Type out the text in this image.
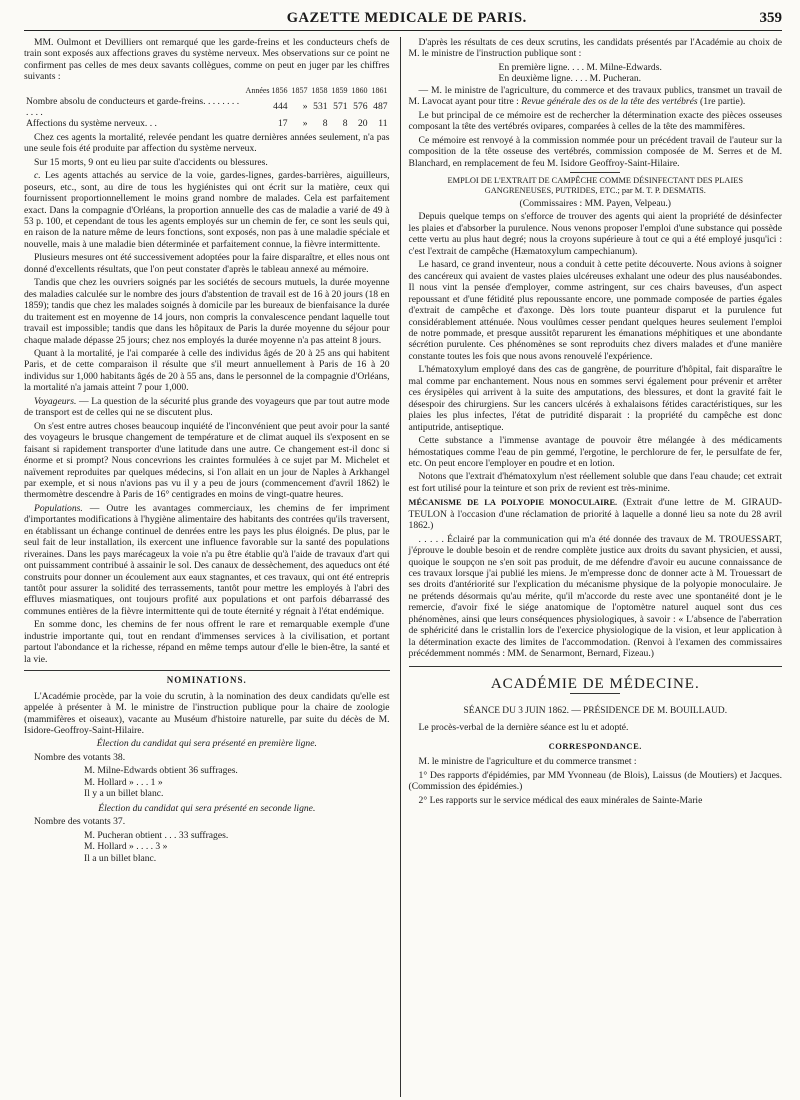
GAZETTE MEDICALE DE PARIS.	359

MM. Oulmont et Devilliers ont remarqué que les garde-freins et les conducteurs chefs de train sont exposés aux affections graves du système nerveux. Mes observations sur ce point ne confirment pas celles de mes deux savants collègues, comme on peut en juger par les chiffres suivants :

	Années 1856	1857	1858	1859	1860	1861
Nombre absolu de conducteurs et garde-freins. . . . . . . . . . . .	444	»	531	571	576	487
Affections du système nerveux. . .	17	»	8	8	20	11

Chez ces agents la mortalité, relevée pendant les quatre dernières années seulement, n'a pas une seule fois été produite par affection du système nerveux.

Sur 15 morts, 9 ont eu lieu par suite d'accidents ou blessures.

c. Les agents attachés au service de la voie, gardes-lignes, gardes-barrières, aiguilleurs, poseurs, etc., sont, au dire de tous les hygiénistes qui ont écrit sur la matière, ceux qui fournissent proportionnellement le moins grand nombre de malades. Cela est parfaitement exact. Dans la compagnie d'Orléans, la proportion annuelle des cas de maladie a varié de 49 à 53 p. 100, et cependant de tous les agents employés sur un chemin de fer, ce sont les seuls qui, en raison de la nature même de leurs fonctions, sont exposés, non pas à une maladie spéciale et nouvelle, mais à une maladie bien déterminée et parfaitement connue, la fièvre intermittente.

Plusieurs mesures ont été successivement adoptées pour la faire disparaître, et elles nous ont donné d'excellents résultats, que l'on peut constater d'après le tableau annexé au mémoire.

Tandis que chez les ouvriers soignés par les sociétés de secours mutuels, la durée moyenne des maladies calculée sur le nombre des jours d'abstention de travail est de 16 à 20 jours (18 en 1859); tandis que chez les malades soignés à domicile par les bureaux de bienfaisance la durée du traitement est en moyenne de 14 jours, non compris la convalescence pendant laquelle tout travail est impossible; tandis que dans les hôpitaux de Paris la durée moyenne du séjour pour chaque malade dépasse 25 jours; chez nos employés la durée moyenne n'a pas atteint 8 jours.

Quant à la mortalité, je l'ai comparée à celle des individus âgés de 20 à 25 ans qui habitent Paris, et de cette comparaison il résulte que s'il meurt annuellement à Paris de 16 à 20 individus sur 1,000 habitants âgés de 20 à 55 ans, dans le personnel de la compagnie d'Orléans, la mortalité n'a jamais atteint 7 pour 1,000.

Voyageurs. — La question de la sécurité plus grande des voyageurs que par tout autre mode de transport est de celles qui ne se discutent plus.

On s'est entre autres choses beaucoup inquiété de l'inconvénient que peut avoir pour la santé des voyageurs le brusque changement de température et de climat auquel ils s'exposent en se faisant si rapidement transporter d'une latitude dans une autre. Ce changement est-il donc si énorme et si prompt? Nous concevrions les craintes formulées à ce sujet par M. Michelet et naïvement reproduites par quelques médecins, si l'on allait en un jour de Naples à Arkhangel par exemple, et si nous n'avions pas vu il y a peu de jours (commencement d'avril 1862) le thermomètre descendre à Paris de 16° centigrades en moins de vingt-quatre heures.

Populations. — Outre les avantages commerciaux, les chemins de fer impriment d'importantes modifications à l'hygiène alimentaire des habitants des contrées qu'ils traversent, en établissant un échange continuel de denrées entre les pays les plus éloignés. De plus, par le seul fait de leur installation, ils exercent une influence favorable sur la santé des populations riveraines. Dans les pays marécageux la voie n'a pu être établie qu'à l'aide de travaux d'art qui ont puissamment contribué à assainir le sol. Des canaux de dessèchement, des aqueducs ont été construits pour donner un écoulement aux eaux stagnantes, et ces travaux, qui ont été entrepris tantôt pour assurer la solidité des terrassements, tantôt pour mettre les employés à l'abri des effluves miasmatiques, ont toujours profité aux populations et ont parfois débarrassé des communes entières de la fièvre intermittente qui de toute éternité y régnait à l'état endémique.

En somme donc, les chemins de fer nous offrent le rare et remarquable exemple d'une industrie importante qui, tout en rendant d'immenses services à la civilisation, et portant partout l'abondance et la richesse, répand en même temps autour d'elle le bien-être, la santé et la vie.

NOMINATIONS.

L'Académie procède, par la voie du scrutin, à la nomination des deux candidats qu'elle est appelée à présenter à M. le ministre de l'instruction publique pour la chaire de zoologie (mammifères et oiseaux), vacante au Muséum d'histoire naturelle, par suite du décès de M. Isidore-Geoffroy-Saint-Hilaire.

Élection du candidat qui sera présenté en première ligne.

Nombre des votants 38.

M. Milne-Edwards obtient 36 suffrages.
M. Hollard » . . . 1 »
Il y a un billet blanc.

Élection du candidat qui sera présenté en seconde ligne.

Nombre des votants 37.

M. Pucheran obtient . . . 33 suffrages.
M. Hollard » . . . . 3 »
Il a un billet blanc.

D'après les résultats de ces deux scrutins, les candidats présentés par l'Académie au choix de M. le ministre de l'instruction publique sont :

En première ligne. . . . M. Milne-Edwards.
En deuxième ligne. . . . M. Pucheran.

— M. le ministre de l'agriculture, du commerce et des travaux publics, transmet un travail de M. Lavocat ayant pour titre : Revue générale des os de la tête des vertébrés (1re partie).

Le but principal de ce mémoire est de rechercher la détermination exacte des pièces osseuses composant la tête des vertébrés ovipares, comparées à celles de la tête des mammifères.

Ce mémoire est renvoyé à la commission nommée pour un précédent travail de l'auteur sur la composition de la tête osseuse des vertébrés, commission composée de M. Serres et de M. Blanchard, en remplacement de feu M. Isidore Geoffroy-Saint-Hilaire.

EMPLOI DE L'EXTRAIT DE CAMPÊCHE COMME DÉSINFECTANT DES PLAIES GANGRENEUSES, PUTRIDES, ETC.; par M. T. P. DESMATIS.

(Commissaires : MM. Payen, Velpeau.)

Depuis quelque temps on s'efforce de trouver des agents qui aient la propriété de désinfecter les plaies et d'absorber la purulence. Nous venons proposer l'emploi d'une substance qui possède cette vertu au plus haut degré; nous la croyons supérieure à tout ce qui a été employé jusqu'ici : c'est l'extrait de campêche (Hæmatoxylum campechianum).

Le hasard, ce grand inventeur, nous a conduit à cette petite découverte. Nous avions à soigner des cancéreux qui avaient de vastes plaies ulcéreuses exhalant une odeur des plus nauséabondes. Il nous vint la pensée d'employer, comme astringent, sur ces chairs baveuses, d'un aspect repoussant et d'une fétidité plus repoussante encore, une pommade composée de parties égales d'extrait de campêche et d'axonge. Dès lors toute puanteur disparut et la purulence fut considérablement atténuée. Nous voulûmes cesser pendant quelques heures seulement l'emploi de notre pommade, et presque aussitôt reparurent les émanations méphitiques et une abondante sécrétion purulente. Ces phénomènes se sont reproduits chez divers malades et d'une manière constante toutes les fois que nous avons renouvelé l'expérience.

L'hématoxylum employé dans des cas de gangrène, de pourriture d'hôpital, fait disparaître le mal comme par enchantement. Nous nous en sommes servi également pour prévenir et arrêter ces érysipèles qui arrivent à la suite des amputations, des blessures, et dont la gravité fait le désespoir des chirurgiens. Sur les cancers ulcérés à exhalaisons fétides caractéristiques, sur les plaies les plus infectes, l'état de putridité disparait : la propriété du campêche est donc antiputride, antiseptique.

Cette substance a l'immense avantage de pouvoir être mélangée à des médicaments hémostatiques comme l'eau de pin gemmé, l'ergotine, le perchlorure de fer, le persulfate de fer, etc. On peut encore l'employer en poudre et en lotion.

Notons que l'extrait d'hématoxylum n'est réellement soluble que dans l'eau chaude; cet extrait est fort utilisé pour la teinture et son prix de revient est très-minime.

MÉCANISME DE LA POLYOPIE MONOCULAIRE. (Extrait d'une lettre de M. GIRAUD-TEULON à l'occasion d'une réclamation de priorité à laquelle a donné lieu sa note du 28 avril 1862.)

. . . . . Éclairé par la communication qui m'a été donnée des travaux de M. TROUESSART, j'éprouve le double besoin et de rendre complète justice aux droits du savant physicien, et aussi, quoique le soupçon ne s'en soit pas produit, de me défendre d'avoir eu aucune connaissance de ces travaux lorsque j'ai publié les miens. Je m'empresse donc de donner acte à M. Trouessart de ses droits d'antériorité sur l'explication du mécanisme physique de la polyopie monoculaire. Je ne prétends désormais qu'au mérite, qu'il m'accorde du reste avec une spontanéité dont je le remercie, d'avoir fixé le siége anatomique de l'optomètre naturel auquel sont dus ces phénomènes, ainsi que leurs conséquences physiologiques, à savoir : « L'absence de l'aberration de sphéricité dans le cristallin lors de l'exercice physiologique de la vision, et leur application à la détermination exacte des limites de l'accommodation. (Renvoi à l'examen des commissaires précédemment nommés : MM. de Senarmont, Bernard, Fizeau.)

ACADÉMIE DE MÉDECINE.
SÉANCE DU 3 JUIN 1862. — PRÉSIDENCE DE M. BOUILLAUD.

Le procès-verbal de la dernière séance est lu et adopté.

CORRESPONDANCE.

M. le ministre de l'agriculture et du commerce transmet :

1° Des rapports d'épidémies, par MM Yvonneau (de Blois), Laissus (de Moutiers) et Jacques. (Commission des épidémies.)

2° Les rapports sur le service médical des eaux minérales de Sainte-Marie
